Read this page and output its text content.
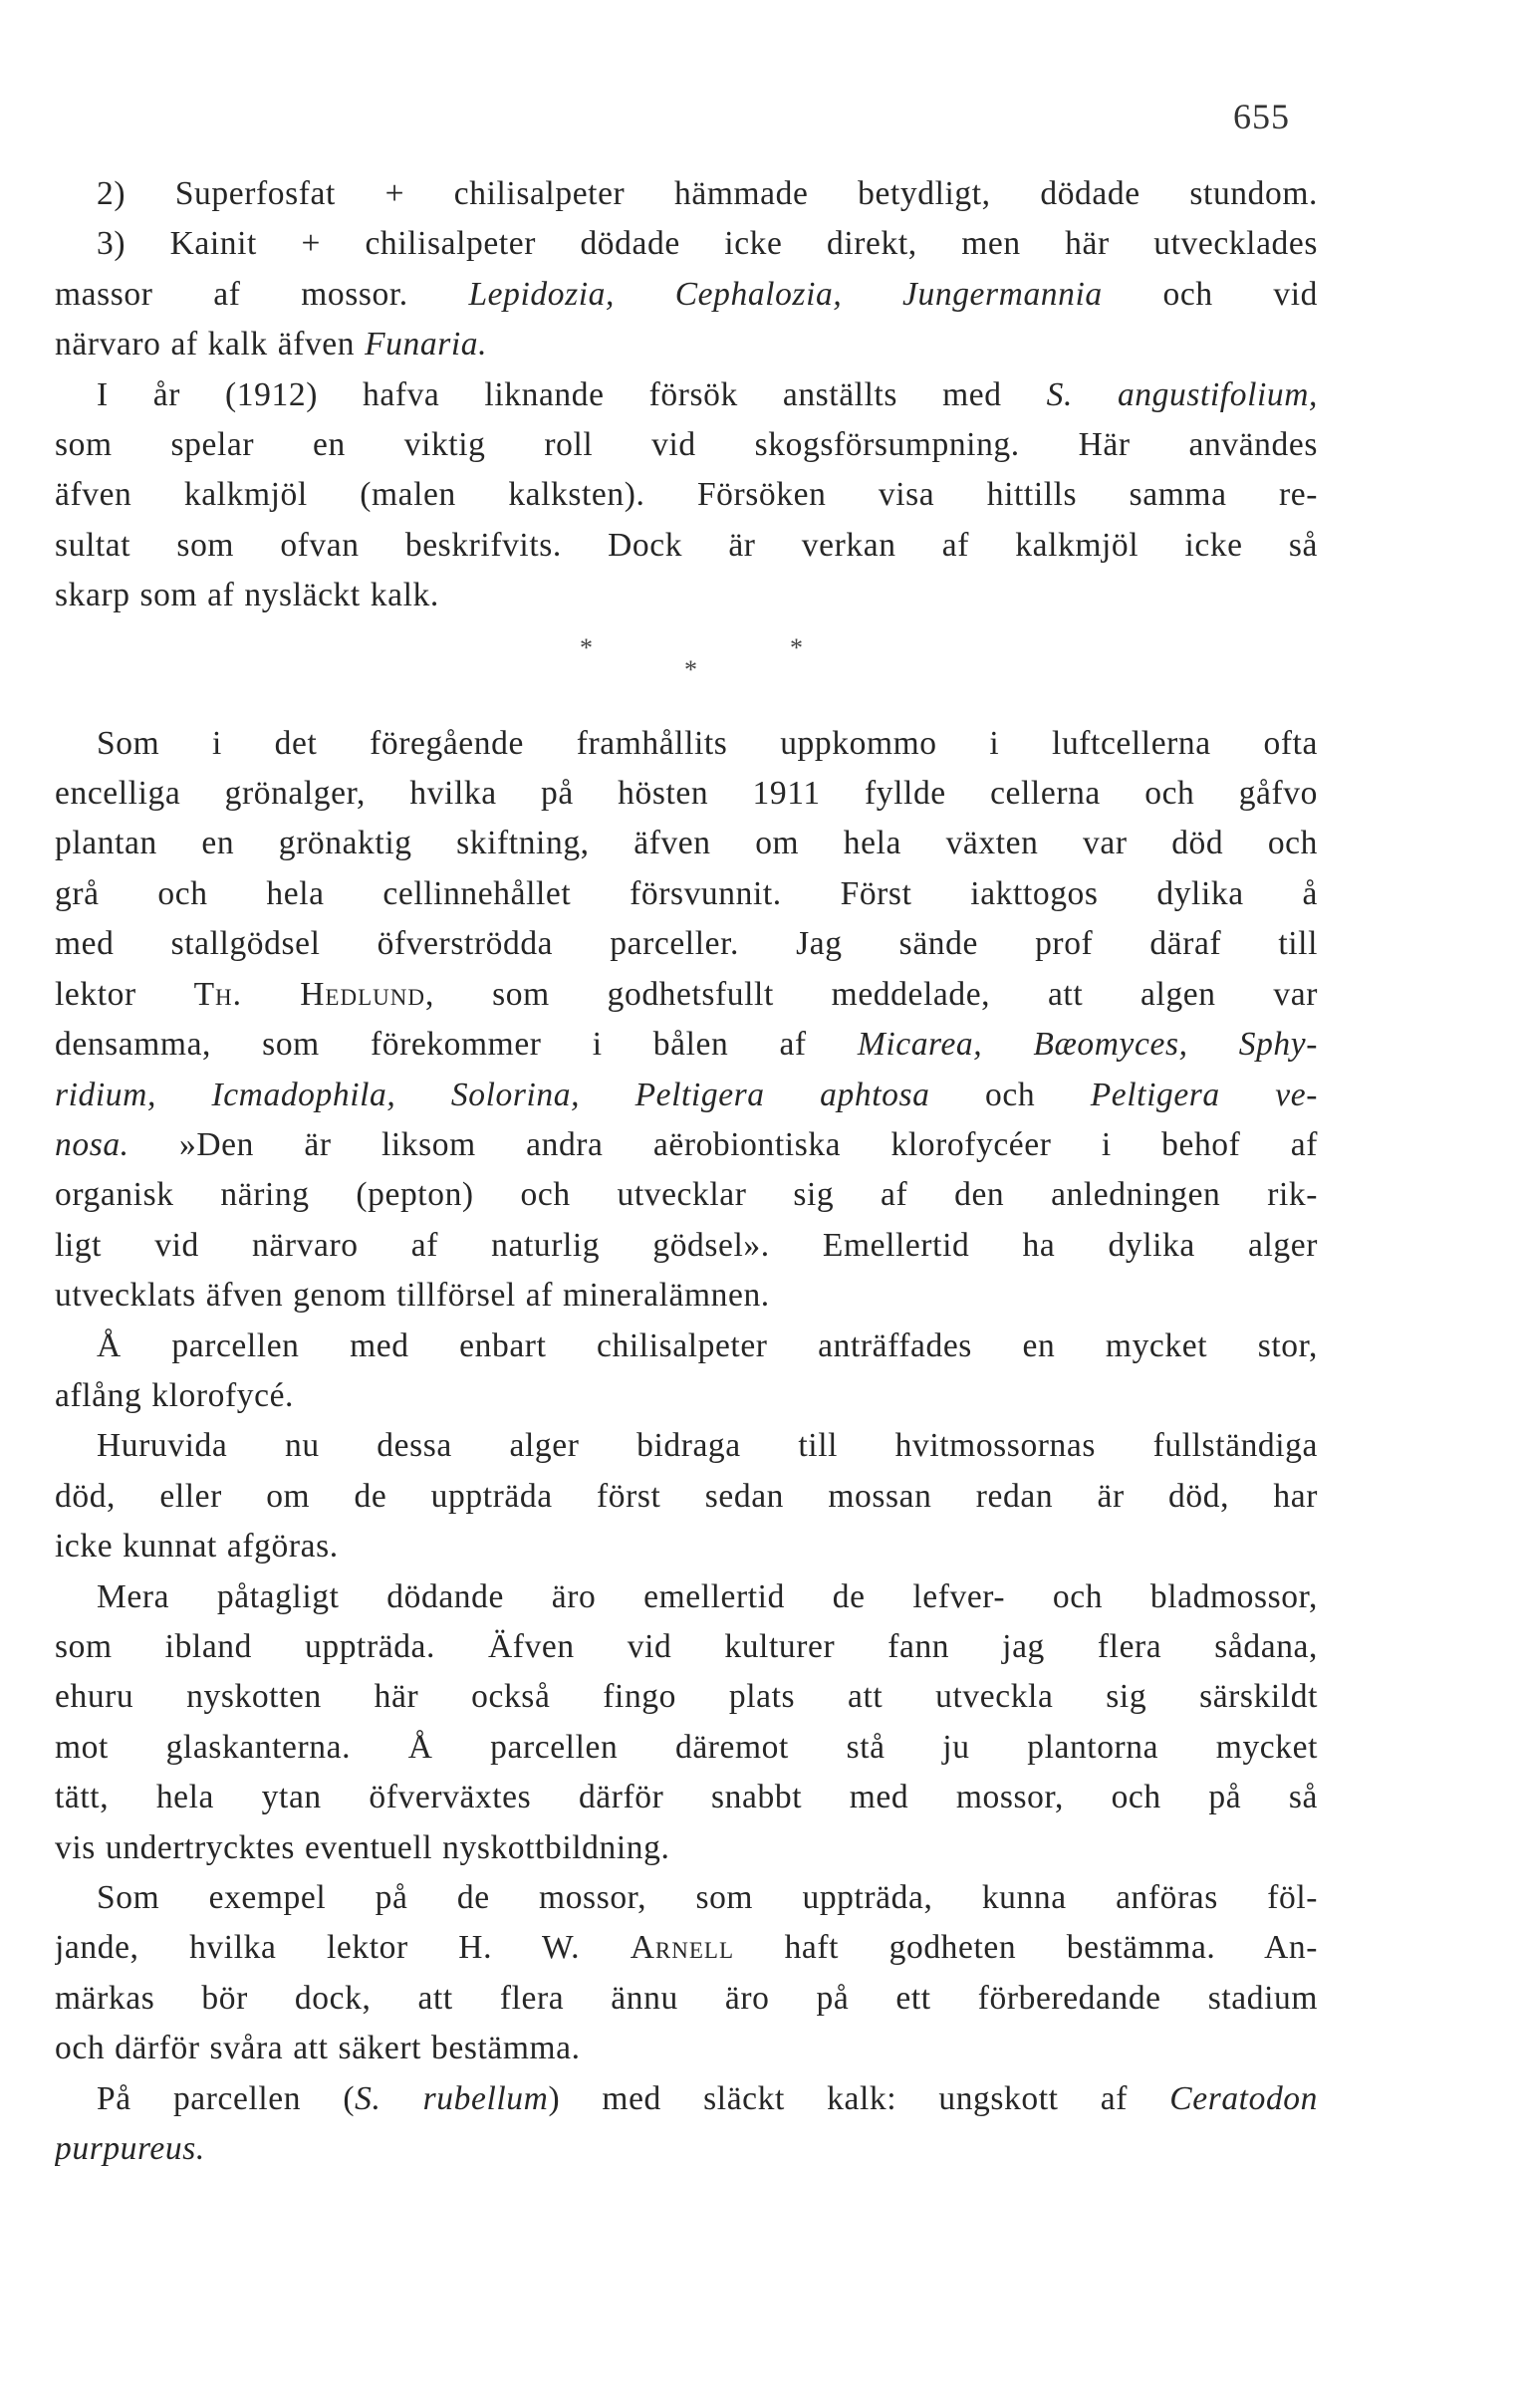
655
2) Superfosfat + chilisalpeter hämmade betydligt, dödade stundom.
3) Kainit + chilisalpeter dödade icke direkt, men här utvecklades
massor af mossor. Lepidozia, Cephalozia, Jungermannia och vid
närvaro af kalk äfven Funaria.
I år (1912) hafva liknande försök anställts med S. angustifolium,
som spelar en viktig roll vid skogsförsumpning. Här användes
äfven kalkmjöl (malen kalksten). Försöken visa hittills samma re-
sultat som ofvan beskrifvits. Dock är verkan af kalkmjöl icke så
skarp som af nysläckt kalk.
*	*
*
Som i det föregående framhållits uppkommo i luftcellerna ofta
encelliga grönalger, hvilka på hösten 1911 fyllde cellerna och gåfvo
plantan en grönaktig skiftning, äfven om hela växten var död och
grå och hela cellinnehållet försvunnit. Först iakttogos dylika å
med stallgödsel öfverströdda parceller. Jag sände prof däraf till
lektor Th. Hedlund, som godhetsfullt meddelade, att algen var
densamma, som förekommer i bålen af Micarea, Bæomyces, Sphy-
ridium, Icmadophila, Solorina, Peltigera aphtosa och Peltigera ve-
nosa. »Den är liksom andra aërobiontiska klorofycéer i behof af
organisk näring (pepton) och utvecklar sig af den anledningen rik-
ligt vid närvaro af naturlig gödsel». Emellertid ha dylika alger
utvecklats äfven genom tillförsel af mineralämnen.
Å parcellen med enbart chilisalpeter anträffades en mycket stor,
aflång klorofycé.
Huruvida nu dessa alger bidraga till hvitmossornas fullständiga
död, eller om de uppträda först sedan mossan redan är död, har
icke kunnat afgöras.
Mera påtagligt dödande äro emellertid de lefver- och bladmossor,
som ibland uppträda. Äfven vid kulturer fann jag flera sådana,
ehuru nyskotten här också fingo plats att utveckla sig särskildt
mot glaskanterna. Å parcellen däremot stå ju plantorna mycket
tätt, hela ytan öfverväxtes därför snabbt med mossor, och på så
vis undertrycktes eventuell nyskottbildning.
Som exempel på de mossor, som uppträda, kunna anföras föl-
jande, hvilka lektor H. W. Arnell haft godheten bestämma. An-
märkas bör dock, att flera ännu äro på ett förberedande stadium
och därför svåra att säkert bestämma.
På parcellen (S. rubellum) med släckt kalk: ungskott af Ceratodon
purpureus.
